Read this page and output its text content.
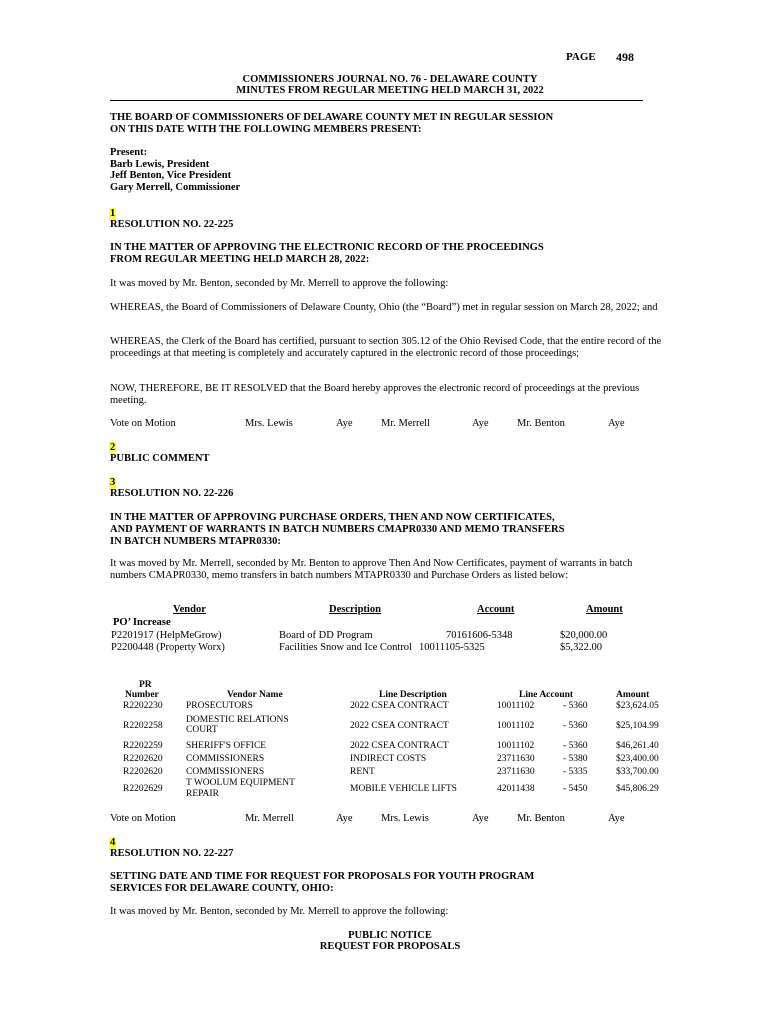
PAGE 498
COMMISSIONERS JOURNAL NO. 76 - DELAWARE COUNTY
MINUTES FROM REGULAR MEETING HELD MARCH 31, 2022
THE BOARD OF COMMISSIONERS OF DELAWARE COUNTY MET IN REGULAR SESSION
ON THIS DATE WITH THE FOLLOWING MEMBERS PRESENT:
Present:
Barb Lewis, President
Jeff Benton, Vice President
Gary Merrell, Commissioner
1
RESOLUTION NO. 22-225
IN THE MATTER OF APPROVING THE ELECTRONIC RECORD OF THE PROCEEDINGS
FROM REGULAR MEETING HELD MARCH 28, 2022:
It was moved by Mr. Benton, seconded by Mr. Merrell to approve the following:
WHEREAS, the Board of Commissioners of Delaware County, Ohio (the “Board”) met in regular session on March 28, 2022; and
WHEREAS, the Clerk of the Board has certified, pursuant to section 305.12 of the Ohio Revised Code, that the entire record of the proceedings at that meeting is completely and accurately captured in the electronic record of those proceedings;
NOW, THEREFORE, BE IT RESOLVED that the Board hereby approves the electronic record of proceedings at the previous meeting.
Vote on Motion	Mrs. Lewis	Aye	Mr. Merrell	Aye	Mr. Benton	Aye
2
PUBLIC COMMENT
3
RESOLUTION NO. 22-226
IN THE MATTER OF APPROVING PURCHASE ORDERS, THEN AND NOW CERTIFICATES,
AND PAYMENT OF WARRANTS IN BATCH NUMBERS CMAPR0330 AND MEMO TRANSFERS
IN BATCH NUMBERS MTAPR0330:
It was moved by Mr. Merrell, seconded by Mr. Benton to approve Then And Now Certificates, payment of warrants in batch numbers CMAPR0330, memo transfers in batch numbers MTAPR0330 and Purchase Orders as listed below:
Vendor	Description	Account	Amount
PO’ Increase
P2201917 (HelpMeGrow)	Board of DD Program	70161606-5348	$20,000.00
P2200448 (Property Worx)	Facilities Snow and Ice Control 10011105-5325	$5,322.00
PR
Number	Vendor Name	Line Description	Line Account	Amount
R2202230 PROSECUTORS	2022 CSEA CONTRACT	10011102	- 5360	$23,624.05
R2202258
DOMESTIC RELATIONS
COURT	2022 CSEA CONTRACT	10011102	- 5360	$25,104.99
R2202259 SHERIFF'S OFFICE	2022 CSEA CONTRACT	10011102	- 5360	$46,261.40
R2202620 COMMISSIONERS	INDIRECT COSTS	23711630	- 5380	$23,400.00
R2202620 COMMISSIONERS	RENT	23711630	- 5335	$33,700.00
R2202629
T WOOLUM EQUIPMENT
REPAIR	MOBILE VEHICLE LIFTS	42011438	- 5450	$45,806.29
Vote on Motion	Mr. Merrell	Aye	Mrs. Lewis	Aye	Mr. Benton	Aye
4
RESOLUTION NO. 22-227
SETTING DATE AND TIME FOR REQUEST FOR PROPOSALS FOR YOUTH PROGRAM
SERVICES FOR DELAWARE COUNTY, OHIO:
It was moved by Mr. Benton, seconded by Mr. Merrell to approve the following:
PUBLIC NOTICE
REQUEST FOR PROPOSALS
